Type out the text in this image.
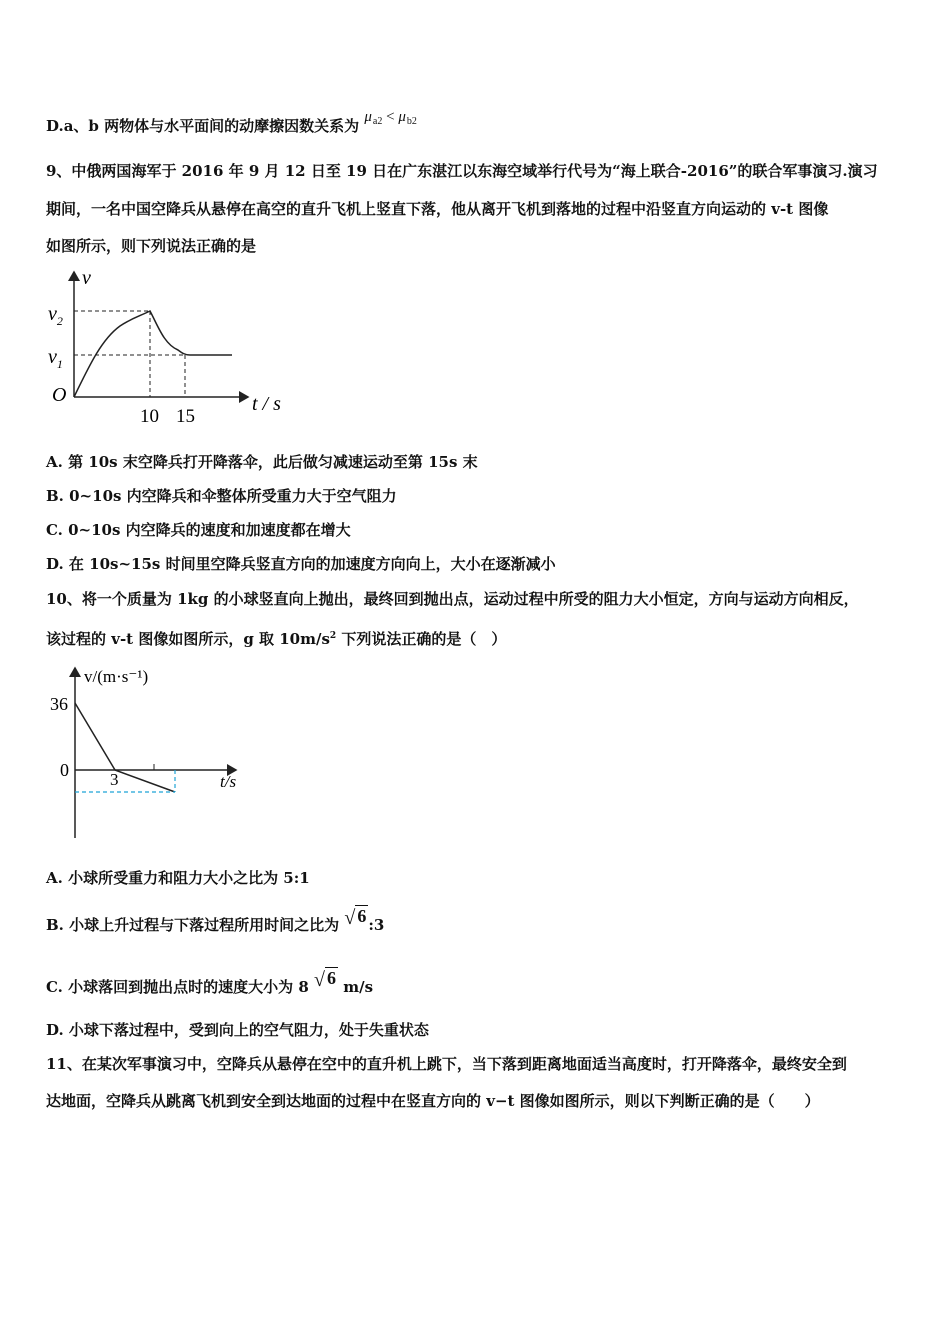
D.a、b 两物体与水平面间的动摩擦因数关系为 $\mu_{a2} < \mu_{b2}$
9、中俄两国海军于 2016 年 9 月 12 日至 19 日在广东湛江以东海空域举行代号为“海上联合-2016”的联合军事演习.演习
期间，一名中国空降兵从悬停在高空的直升飞机上竖直下落，他从离开飞机到落地的过程中沿竖直方向运动的 v-t 图像
如图所示，则下列说法正确的是
v
t / s
O
$v_2$
$v_1$
10 15
A. 第 10s 末空降兵打开降落伞，此后做匀减速运动至第 15s 末
B. 0~10s 内空降兵和伞整体所受重力大于空气阻力
C. 0~10s 内空降兵的速度和加速度都在增大
D. 在 10s~15s 时间里空降兵竖直方向的加速度方向向上，大小在逐渐减小
10、将一个质量为 1kg 的小球竖直向上抛出，最终回到抛出点，运动过程中所受的阻力大小恒定，方向与运动方向相反，
该过程的 v-t 图像如图所示，g 取 $10m/s^2$ 下列说法正确的是（　）
v/(m·s⁻¹)
t/s
36
0 3
A. 小球所受重力和阻力大小之比为 5:1
B. 小球上升过程与下落过程所用时间之比为 √ 6 :3
C. 小球落回到抛出点时的速度大小为 8 √ 6 m/s
D. 小球下落过程中，受到向上的空气阻力，处于失重状态
11、在某次军事演习中，空降兵从悬停在空中的直升机上跳下，当下落到距离地面适当高度时，打开降落伞，最终安全到
达地面，空降兵从跳离飞机到安全到达地面的过程中在竖直方向的 v−t 图像如图所示，则以下判断正确的是（　　）
